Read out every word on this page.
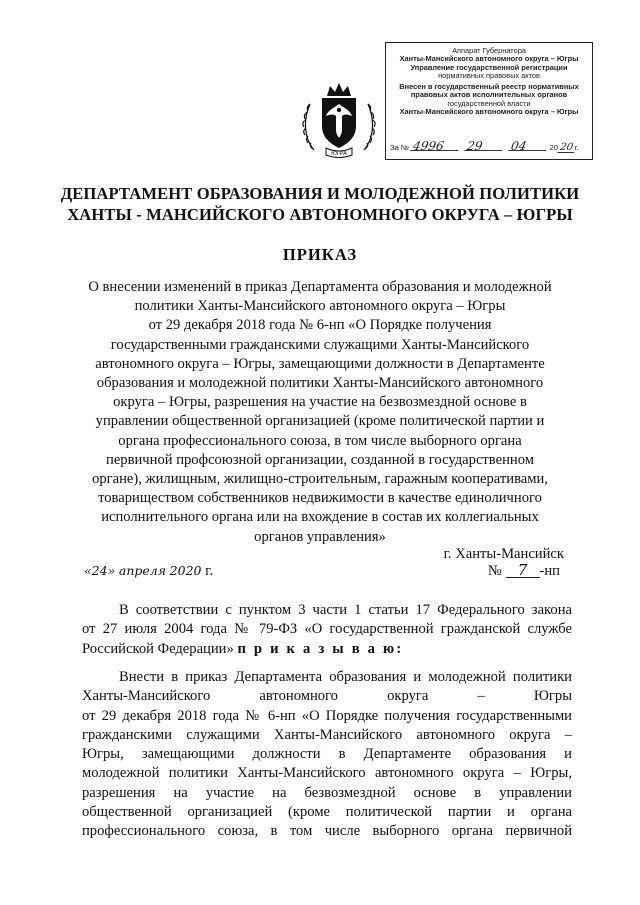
ЮГРА
Аппарат Губернатора
Ханты-Мансийского автономного округа – Югры
Управление государственной регистрации
нормативных правовых актов
Внесен в государственный реестр нормативных
правовых актов исполнительных органов
государственной власти
Ханты-Мансийского автономного округа – Югры
За № 4996 29 04	2020г.
ДЕПАРТАМЕНТ ОБРАЗОВАНИЯ И МОЛОДЕЖНОЙ ПОЛИТИКИ
ХАНТЫ - МАНСИЙСКОГО АВТОНОМНОГО ОКРУГА – ЮГРЫ
ПРИКАЗ
О внесении изменений в приказ Департамента образования и молодежной
политики Ханты-Мансийского автономного округа – Югры
от 29 декабря 2018 года № 6-нп «О Порядке получения
государственными гражданскими служащими Ханты-Мансийского
автономного округа – Югры, замещающими должности в Департаменте
образования и молодежной политики Ханты-Мансийского автономного
округа – Югры, разрешения на участие на безвозмездной основе в
управлении общественной организацией (кроме политической партии и
органа профессионального союза, в том числе выборного органа
первичной профсоюзной организации, созданной в государственном
органе), жилищным, жилищно-строительным, гаражным кооперативами,
товариществом собственников недвижимости в качестве единоличного
исполнительного органа или на вхождение в состав их коллегиальных
органов управления»
г. Ханты-Мансийск
«24» апреля 2020 г.	№ 7 -нп
В соответствии с пунктом 3 части 1 статьи 17 Федерального закона
от 27 июля 2004 года № 79-ФЗ «О государственной гражданской службе
Российской Федерации» п р и к а з ы в а ю:
Внести в приказ Департамента образования и молодежной политики
Ханты-Мансийского автономного округа – Югры
от 29 декабря 2018 года № 6-нп «О Порядке получения государственными
гражданскими служащими Ханты-Мансийского автономного округа –
Югры, замещающими должности в Департаменте образования и
молодежной политики Ханты-Мансийского автономного округа – Югры,
разрешения на участие на безвозмездной основе в управлении
общественной организацией (кроме политической партии и органа
профессионального союза, в том числе выборного органа первичной
